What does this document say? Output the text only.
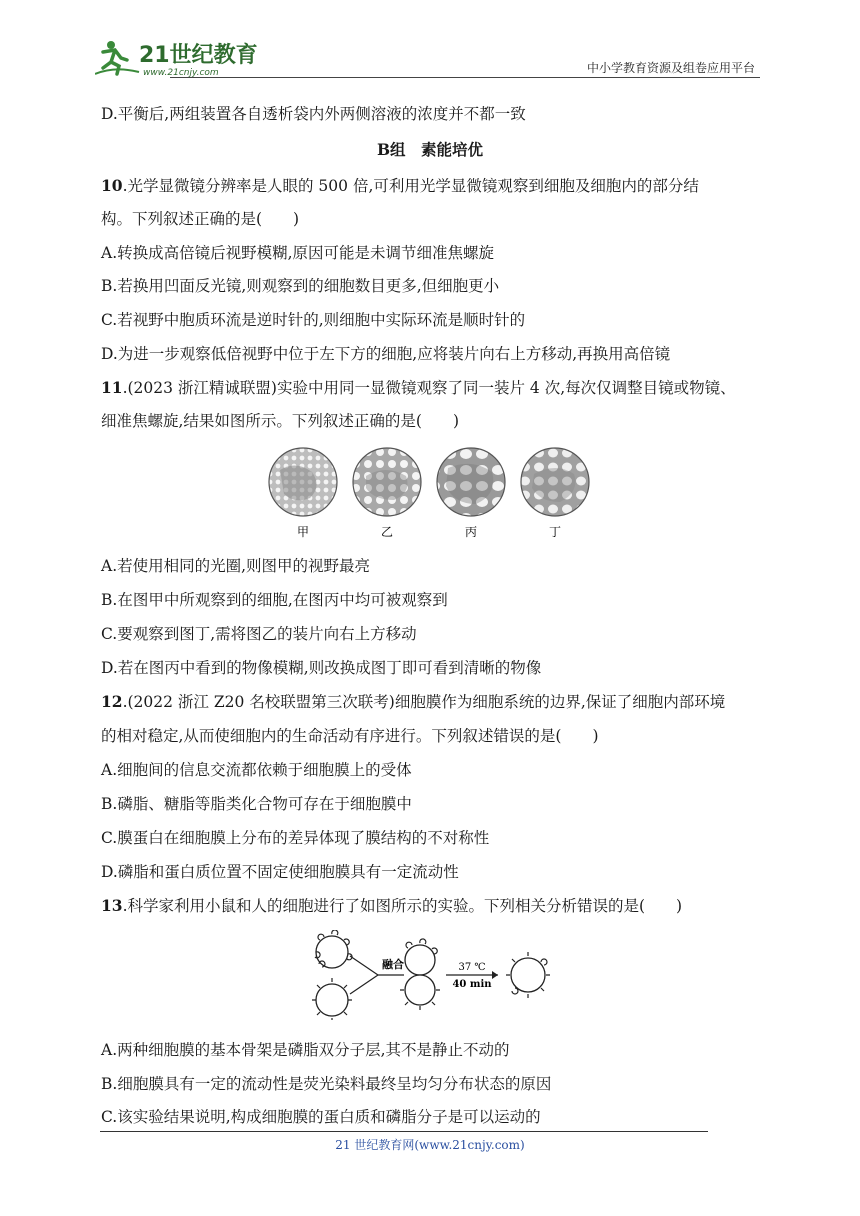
21世纪教育
www.21cnjy.com	中小学教育资源及组卷应用平台
D.平衡后,两组装置各自透析袋内外两侧溶液的浓度并不都一致
B组　素能培优
10.光学显微镜分辨率是人眼的 500 倍,可利用光学显微镜观察到细胞及细胞内的部分结
构。下列叙述正确的是(　　)
A.转换成高倍镜后视野模糊,原因可能是未调节细准焦螺旋
B.若换用凹面反光镜,则观察到的细胞数目更多,但细胞更小
C.若视野中胞质环流是逆时针的,则细胞中实际环流是顺时针的
D.为进一步观察低倍视野中位于左下方的细胞,应将装片向右上方移动,再换用高倍镜
11.(2023 浙江精诚联盟)实验中用同一显微镜观察了同一装片 4 次,每次仅调整目镜或物镜、
细准焦螺旋,结果如图所示。下列叙述正确的是(　　)
甲	乙	丙	丁
A.若使用相同的光圈,则图甲的视野最亮
B.在图甲中所观察到的细胞,在图丙中均可被观察到
C.要观察到图丁,需将图乙的装片向右上方移动
D.若在图丙中看到的物像模糊,则改换成图丁即可看到清晰的物像
12.(2022 浙江 Z20 名校联盟第三次联考)细胞膜作为细胞系统的边界,保证了细胞内部环境
的相对稳定,从而使细胞内的生命活动有序进行。下列叙述错误的是(　　)
A.细胞间的信息交流都依赖于细胞膜上的受体
B.磷脂、糖脂等脂类化合物可存在于细胞膜中
C.膜蛋白在细胞膜上分布的差异体现了膜结构的不对称性
D.磷脂和蛋白质位置不固定使细胞膜具有一定流动性
13.科学家利用小鼠和人的细胞进行了如图所示的实验。下列相关分析错误的是(　　)
融合	37 ℃
40 min
A.两种细胞膜的基本骨架是磷脂双分子层,其不是静止不动的
B.细胞膜具有一定的流动性是荧光染料最终呈均匀分布状态的原因
C.该实验结果说明,构成细胞膜的蛋白质和磷脂分子是可以运动的
21 世纪教育网(www.21cnjy.com)
